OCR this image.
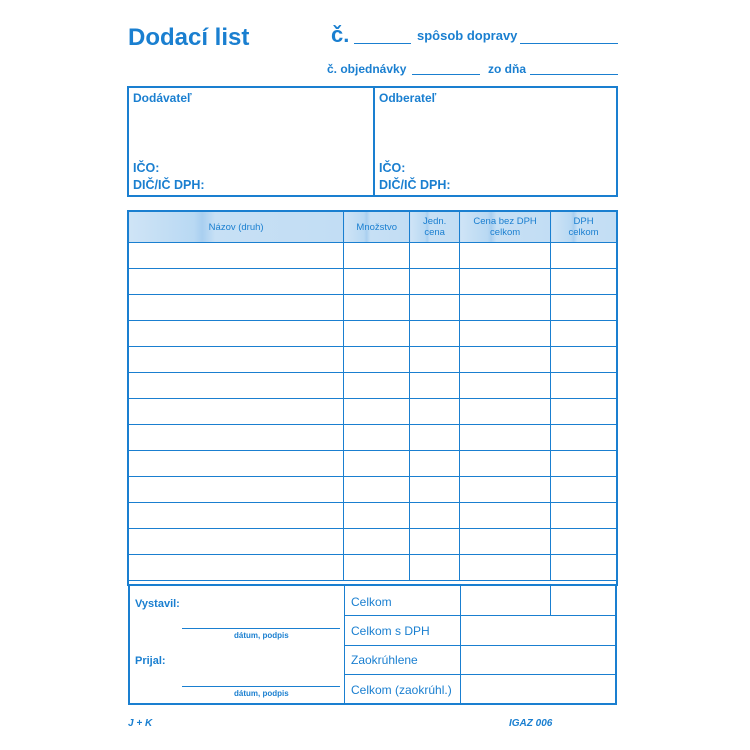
Dodací list	č.	spôsob dopravy
č. objednávky	zo dňa
Dodávateľ
IČO:
DIČ/IČ DPH:
Odberateľ
IČO:
DIČ/IČ DPH:
Názov (druh)	Množstvo	Jedn. cena	Cena bez DPH celkom	DPH celkom

Vystavil:
dátum, podpis
Prijal:
dátum, podpis
Celkom
Celkom s DPH
Zaokrúhlene
Celkom (zaokrúhl.)
J + K	IGAZ 006
